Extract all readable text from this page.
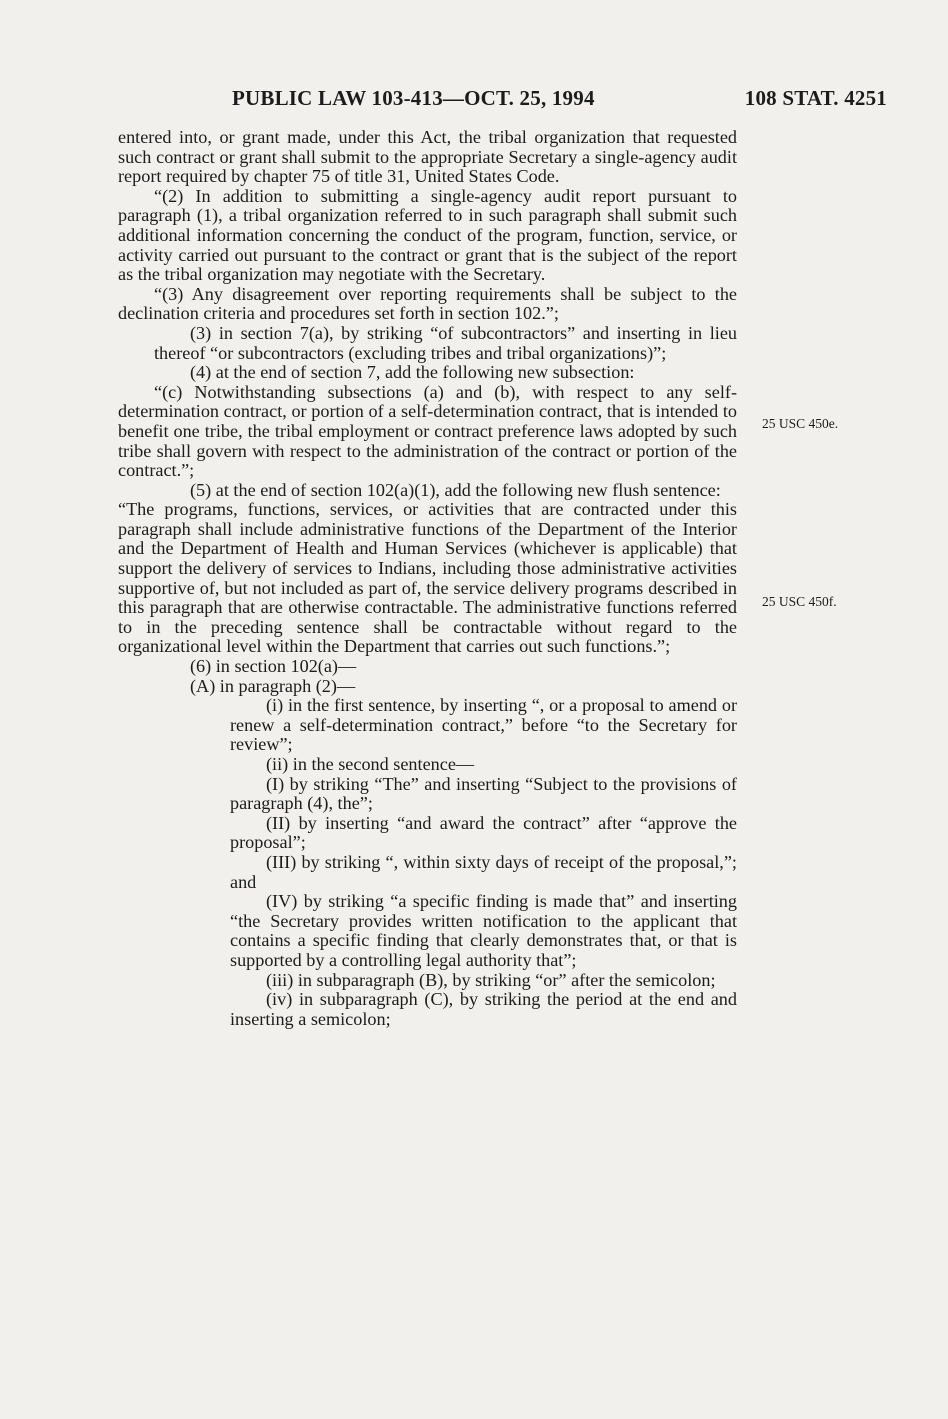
PUBLIC LAW 103-413—OCT. 25, 1994	108 STAT. 4251
25 USC 450e.
25 USC 450f.

entered into, or grant made, under this Act, the tribal organization that requested such contract or grant shall submit to the appropriate Secretary a single-agency audit report required by chapter 75 of title 31, United States Code.

“(2) In addition to submitting a single-agency audit report pursuant to paragraph (1), a tribal organization referred to in such paragraph shall submit such additional information concerning the conduct of the program, function, service, or activity carried out pursuant to the contract or grant that is the subject of the report as the tribal organization may negotiate with the Secretary.

“(3) Any disagreement over reporting requirements shall be subject to the declination criteria and procedures set forth in section 102.”;

(3) in section 7(a), by striking “of subcontractors” and inserting in lieu thereof “or subcontractors (excluding tribes and tribal organizations)”;

(4) at the end of section 7, add the following new subsection:

“(c) Notwithstanding subsections (a) and (b), with respect to any self-determination contract, or portion of a self-determination contract, that is intended to benefit one tribe, the tribal employment or contract preference laws adopted by such tribe shall govern with respect to the administration of the contract or portion of the contract.”;

(5) at the end of section 102(a)(1), add the following new flush sentence:

“The programs, functions, services, or activities that are contracted under this paragraph shall include administrative functions of the Department of the Interior and the Department of Health and Human Services (whichever is applicable) that support the delivery of services to Indians, including those administrative activities supportive of, but not included as part of, the service delivery programs described in this paragraph that are otherwise contractable. The administrative functions referred to in the preceding sentence shall be contractable without regard to the organizational level within the Department that carries out such functions.”;

(6) in section 102(a)—

(A) in paragraph (2)—

(i) in the first sentence, by inserting “, or a proposal to amend or renew a self-determination contract,” before “to the Secretary for review”;

(ii) in the second sentence—

(I) by striking “The” and inserting “Subject to the provisions of paragraph (4), the”;

(II) by inserting “and award the contract” after “approve the proposal”;

(III) by striking “, within sixty days of receipt of the proposal,”; and

(IV) by striking “a specific finding is made that” and inserting “the Secretary provides written notification to the applicant that contains a specific finding that clearly demonstrates that, or that is supported by a controlling legal authority that”;

(iii) in subparagraph (B), by striking “or” after the semicolon;

(iv) in subparagraph (C), by striking the period at the end and inserting a semicolon;
